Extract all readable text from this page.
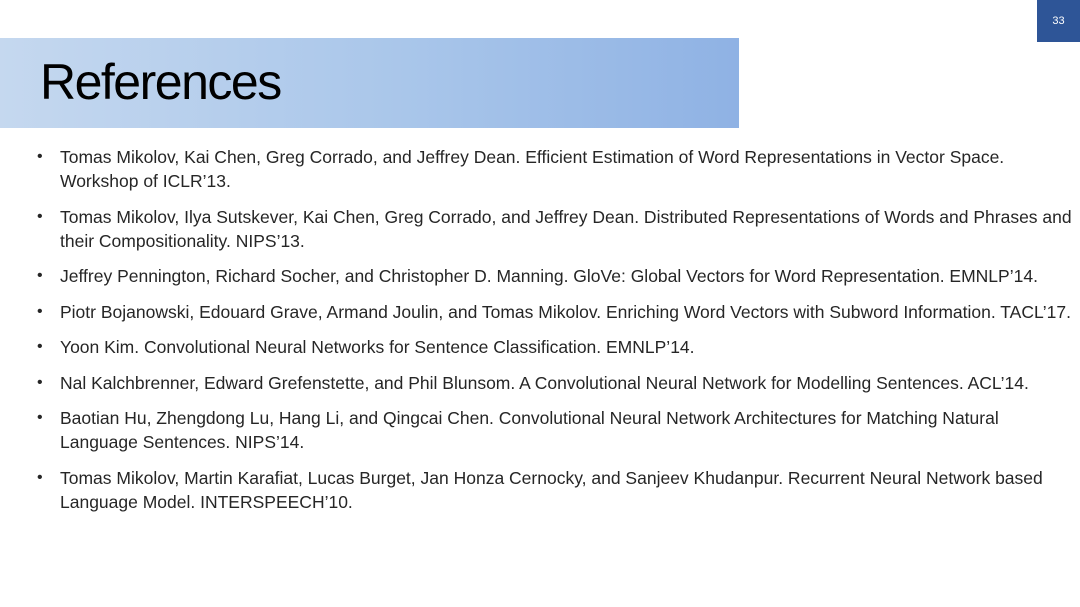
33
References
• Tomas Mikolov, Kai Chen, Greg Corrado, and Jeffrey Dean. Efficient Estimation of Word Representations in Vector Space. Workshop of ICLR’13.
• Tomas Mikolov, Ilya Sutskever, Kai Chen, Greg Corrado, and Jeffrey Dean. Distributed Representations of Words and Phrases and their Compositionality. NIPS’13.
• Jeffrey Pennington, Richard Socher, and Christopher D. Manning. GloVe: Global Vectors for Word Representation. EMNLP’14.
• Piotr Bojanowski, Edouard Grave, Armand Joulin, and Tomas Mikolov. Enriching Word Vectors with Subword Information. TACL’17.
• Yoon Kim. Convolutional Neural Networks for Sentence Classification. EMNLP’14.
• Nal Kalchbrenner, Edward Grefenstette, and Phil Blunsom. A Convolutional Neural Network for Modelling Sentences. ACL’14.
• Baotian Hu, Zhengdong Lu, Hang Li, and Qingcai Chen. Convolutional Neural Network Architectures for Matching Natural Language Sentences. NIPS’14.
• Tomas Mikolov, Martin Karafiat, Lucas Burget, Jan Honza Cernocky, and Sanjeev Khudanpur. Recurrent Neural Network based Language Model. INTERSPEECH’10.
